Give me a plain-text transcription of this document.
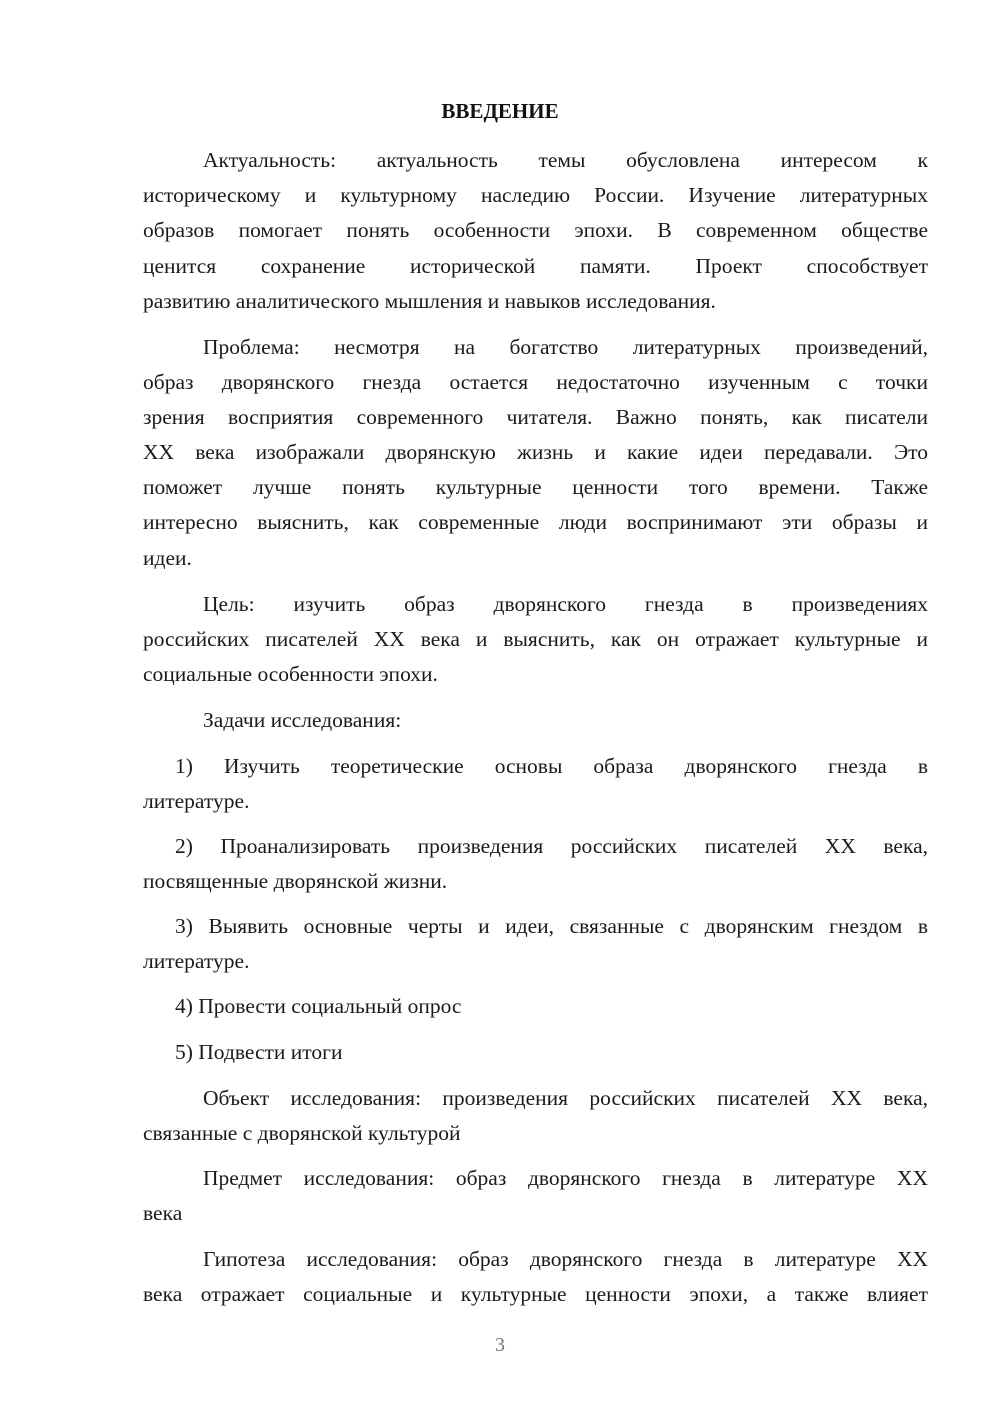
ВВЕДЕНИЕ
Актуальность: актуальность темы обусловлена интересом к
историческому и культурному наследию России. Изучение литературных
образов помогает понять особенности эпохи. В современном обществе
ценится сохранение исторической памяти. Проект способствует
развитию аналитического мышления и навыков исследования.
Проблема: несмотря на богатство литературных произведений,
образ дворянского гнезда остается недостаточно изученным с точки
зрения восприятия современного читателя. Важно понять, как писатели
XX века изображали дворянскую жизнь и какие идеи передавали. Это
поможет лучше понять культурные ценности того времени. Также
интересно выяснить, как современные люди воспринимают эти образы и
идеи.
Цель: изучить образ дворянского гнезда в произведениях
российских писателей XX века и выяснить, как он отражает культурные и
социальные особенности эпохи.
Задачи исследования:
1) Изучить теоретические основы образа дворянского гнезда в
литературе.
2) Проанализировать произведения российских писателей XX века,
посвященные дворянской жизни.
3) Выявить основные черты и идеи, связанные с дворянским гнездом в
литературе.
4) Провести социальный опрос
5) Подвести итоги
Объект исследования: произведения российских писателей XX века,
связанные с дворянской культурой
Предмет исследования: образ дворянского гнезда в литературе XX
века
Гипотеза исследования: образ дворянского гнезда в литературе XX
века отражает социальные и культурные ценности эпохи, а также влияет
3
